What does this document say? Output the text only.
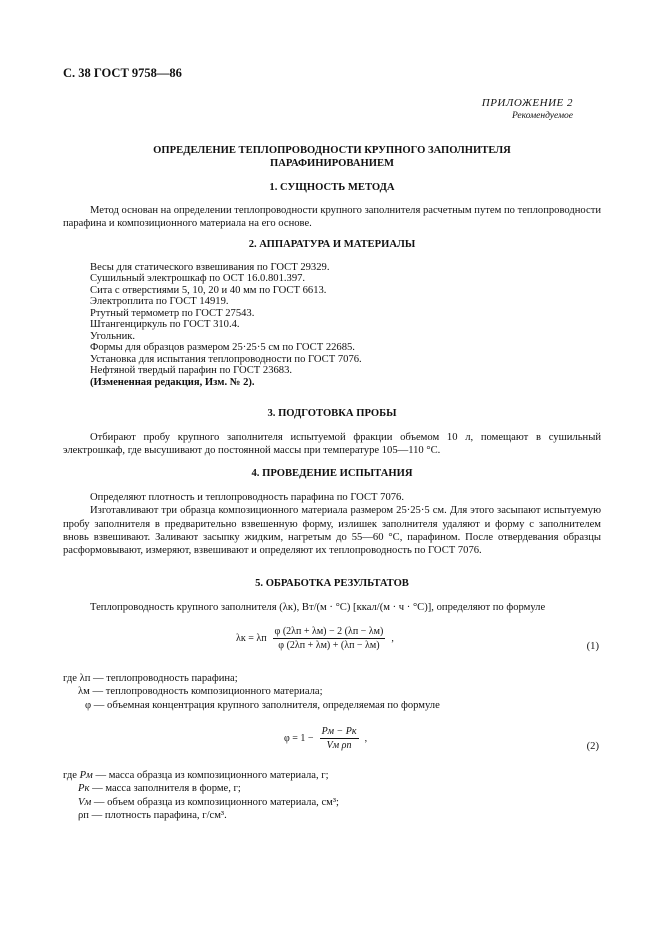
С. 38 ГОСТ 9758—86
ПРИЛОЖЕНИЕ 2
Рекомендуемое
ОПРЕДЕЛЕНИЕ ТЕПЛОПРОВОДНОСТИ КРУПНОГО ЗАПОЛНИТЕЛЯ
ПАРАФИНИРОВАНИЕМ
1. СУЩНОСТЬ МЕТОДА

Метод основан на определении теплопроводности крупного заполнителя расчетным путем по теплопроводности парафина и композиционного материала на его основе.

2. АППАРАТУРА И МАТЕРИАЛЫ
Весы для статического взвешивания по ГОСТ 29329.
Сушильный электрошкаф по ОСТ 16.0.801.397.
Сита с отверстиями 5, 10, 20 и 40 мм по ГОСТ 6613.
Электроплита по ГОСТ 14919.
Ртутный термометр по ГОСТ 27543.
Штангенциркуль по ГОСТ 310.4.
Угольник.
Формы для образцов размером 25·25·5 см по ГОСТ 22685.
Установка для испытания теплопроводности по ГОСТ 7076.
Нефтяной твердый парафин по ГОСТ 23683.
(Измененная редакция, Изм. № 2).
3. ПОДГОТОВКА ПРОБЫ

Отбирают пробу крупного заполнителя испытуемой фракции объемом 10 л, помещают в сушильный электрошкаф, где высушивают до постоянной массы при температуре 105—110 °С.

4. ПРОВЕДЕНИЕ ИСПЫТАНИЯ

Определяют плотность и теплопроводность парафина по ГОСТ 7076.

Изготавливают три образца композиционного материала размером 25·25·5 см. Для этого засыпают испытуемую пробу заполнителя в предварительно взвешенную форму, излишек заполнителя удаляют и форму с заполнителем вновь взвешивают. Заливают засыпку жидким, нагретым до 55—60 °С, парафином. После отвердевания образцы расформовывают, измеряют, взвешивают и определяют их теплопроводность по ГОСТ 7076.

5. ОБРАБОТКА РЕЗУЛЬТАТОВ

Теплопроводность крупного заполнителя (λк), Вт/(м · °С) [ккал/(м · ч · °С)], определяют по формуле

λк = λп $\frac{\varphi (2\lambda п + \lambda м) - 2 (\lambda п - \lambda м)}{\varphi (2\lambda п + \lambda м) + (\lambda п - \lambda м)}$ ,
(1)
где λп — теплопроводность парафина;
λм — теплопроводность композиционного материала;
φ — объемная концентрация крупного заполнителя, определяемая по формуле
$\varphi = 1 - \frac{Pм - Pк}{\text{Vм ρп}}$ ,
(2)
где Pм — масса образца из композиционного материала, г;
Pк — масса заполнителя в форме, г;
Vм — объем образца из композиционного материала, см³;
ρп — плотность парафина, г/см³.
